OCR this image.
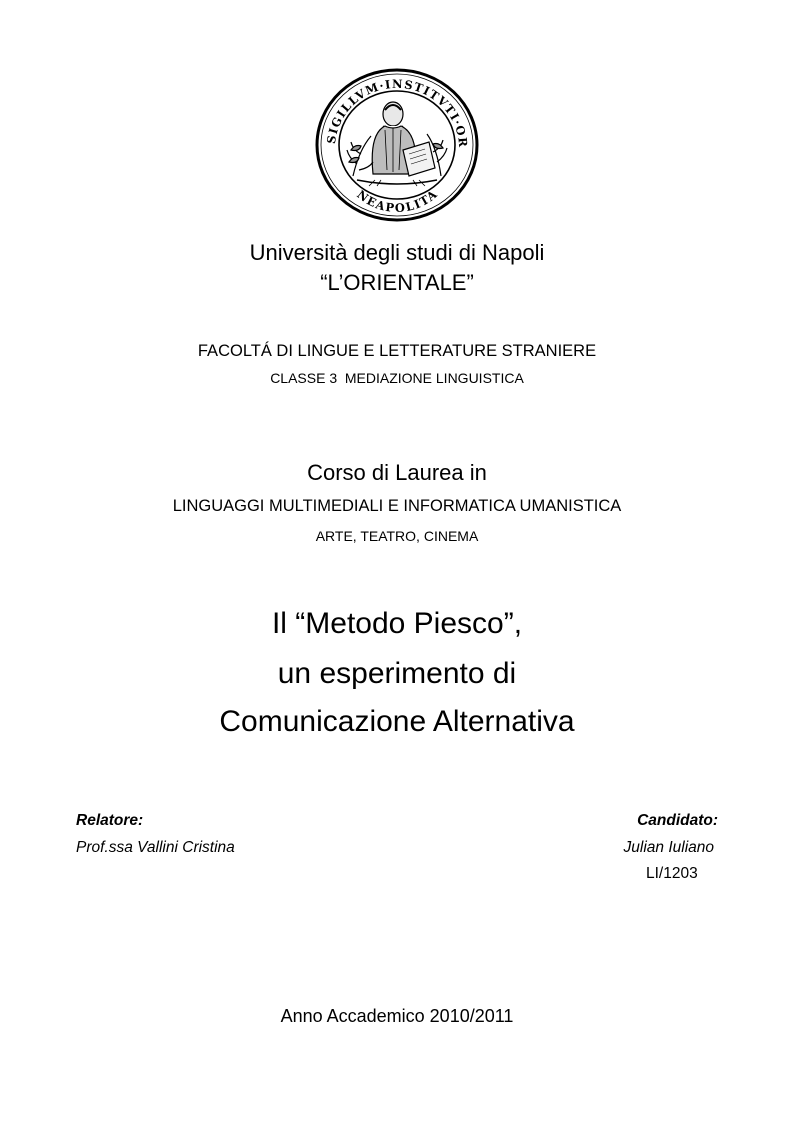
SIGILLVM·INSTITVTI·OR
NEAPOLITA
Università degli studi di Napoli
“L’ORIENTALE”
FACOLTÁ DI LINGUE E LETTERATURE STRANIERE
CLASSE 3  MEDIAZIONE LINGUISTICA
Corso di Laurea in
LINGUAGGI MULTIMEDIALI E INFORMATICA UMANISTICA
ARTE, TEATRO, CINEMA
Il “Metodo Piesco”,
un esperimento di
Comunicazione Alternativa
Relatore:
Prof.ssa Vallini Cristina
Candidato:
Julian Iuliano
LI/1203
Anno Accademico 2010/2011
